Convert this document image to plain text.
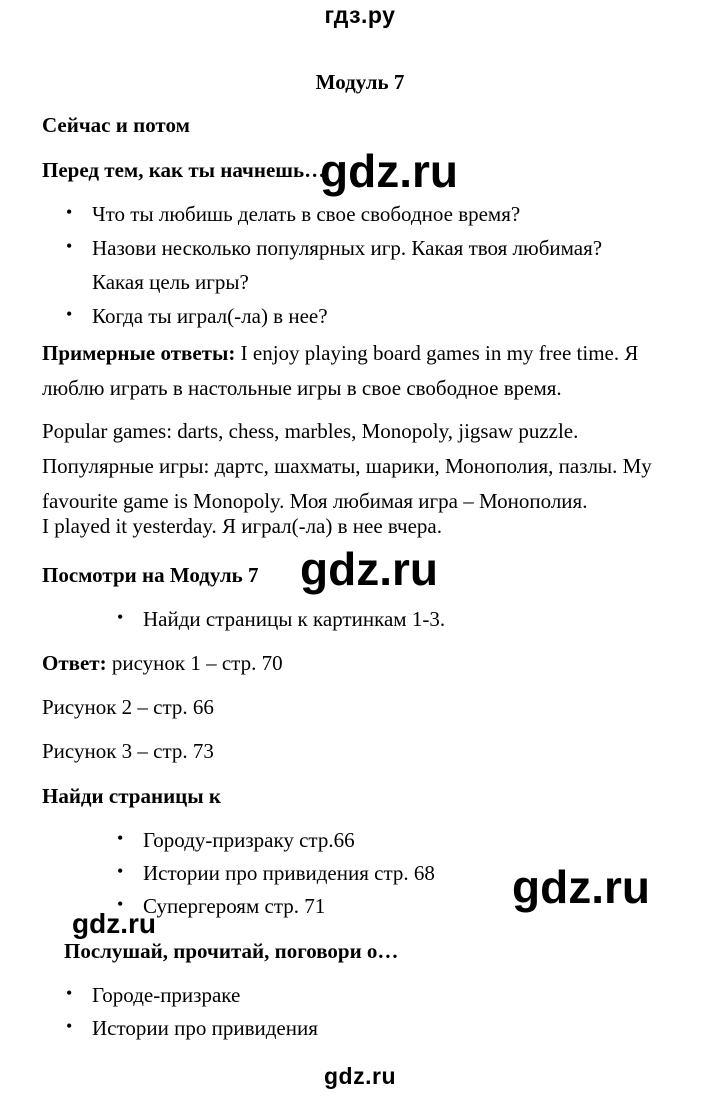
гдз.ру
Модуль 7
Сейчас и потом
Перед тем, как ты начнешь…
• Что ты любишь делать в свое свободное время?
• Назови несколько популярных игр. Какая твоя любимая?
Какая цель игры?
• Когда ты играл(-ла) в нее?
Примерные ответы: I enjoy playing board games in my free time. Я
люблю играть в настольные игры в свое свободное время.
Popular games: darts, chess, marbles, Monopoly, jigsaw puzzle.
Популярные игры: дартс, шахматы, шарики, Монополия, пазлы. My
favourite game is Monopoly. Моя любимая игра – Монополия.
I played it yesterday. Я играл(-ла) в нее вчера.
Посмотри на Модуль 7
• Найди страницы к картинкам 1-3.
Ответ: рисунок 1 – стр. 70
Рисунок 2 – стр. 66
Рисунок 3 – стр. 73
Найди страницы к
• Городу-призраку стр.66
• Истории про привидения стр. 68
• Супергероям стр. 71
Послушай, прочитай, поговори о…
• Городе-призраке
• Истории про привидения
gdz.ru
gdz.ru
gdz.ru
gdz.ru
gdz.ru
